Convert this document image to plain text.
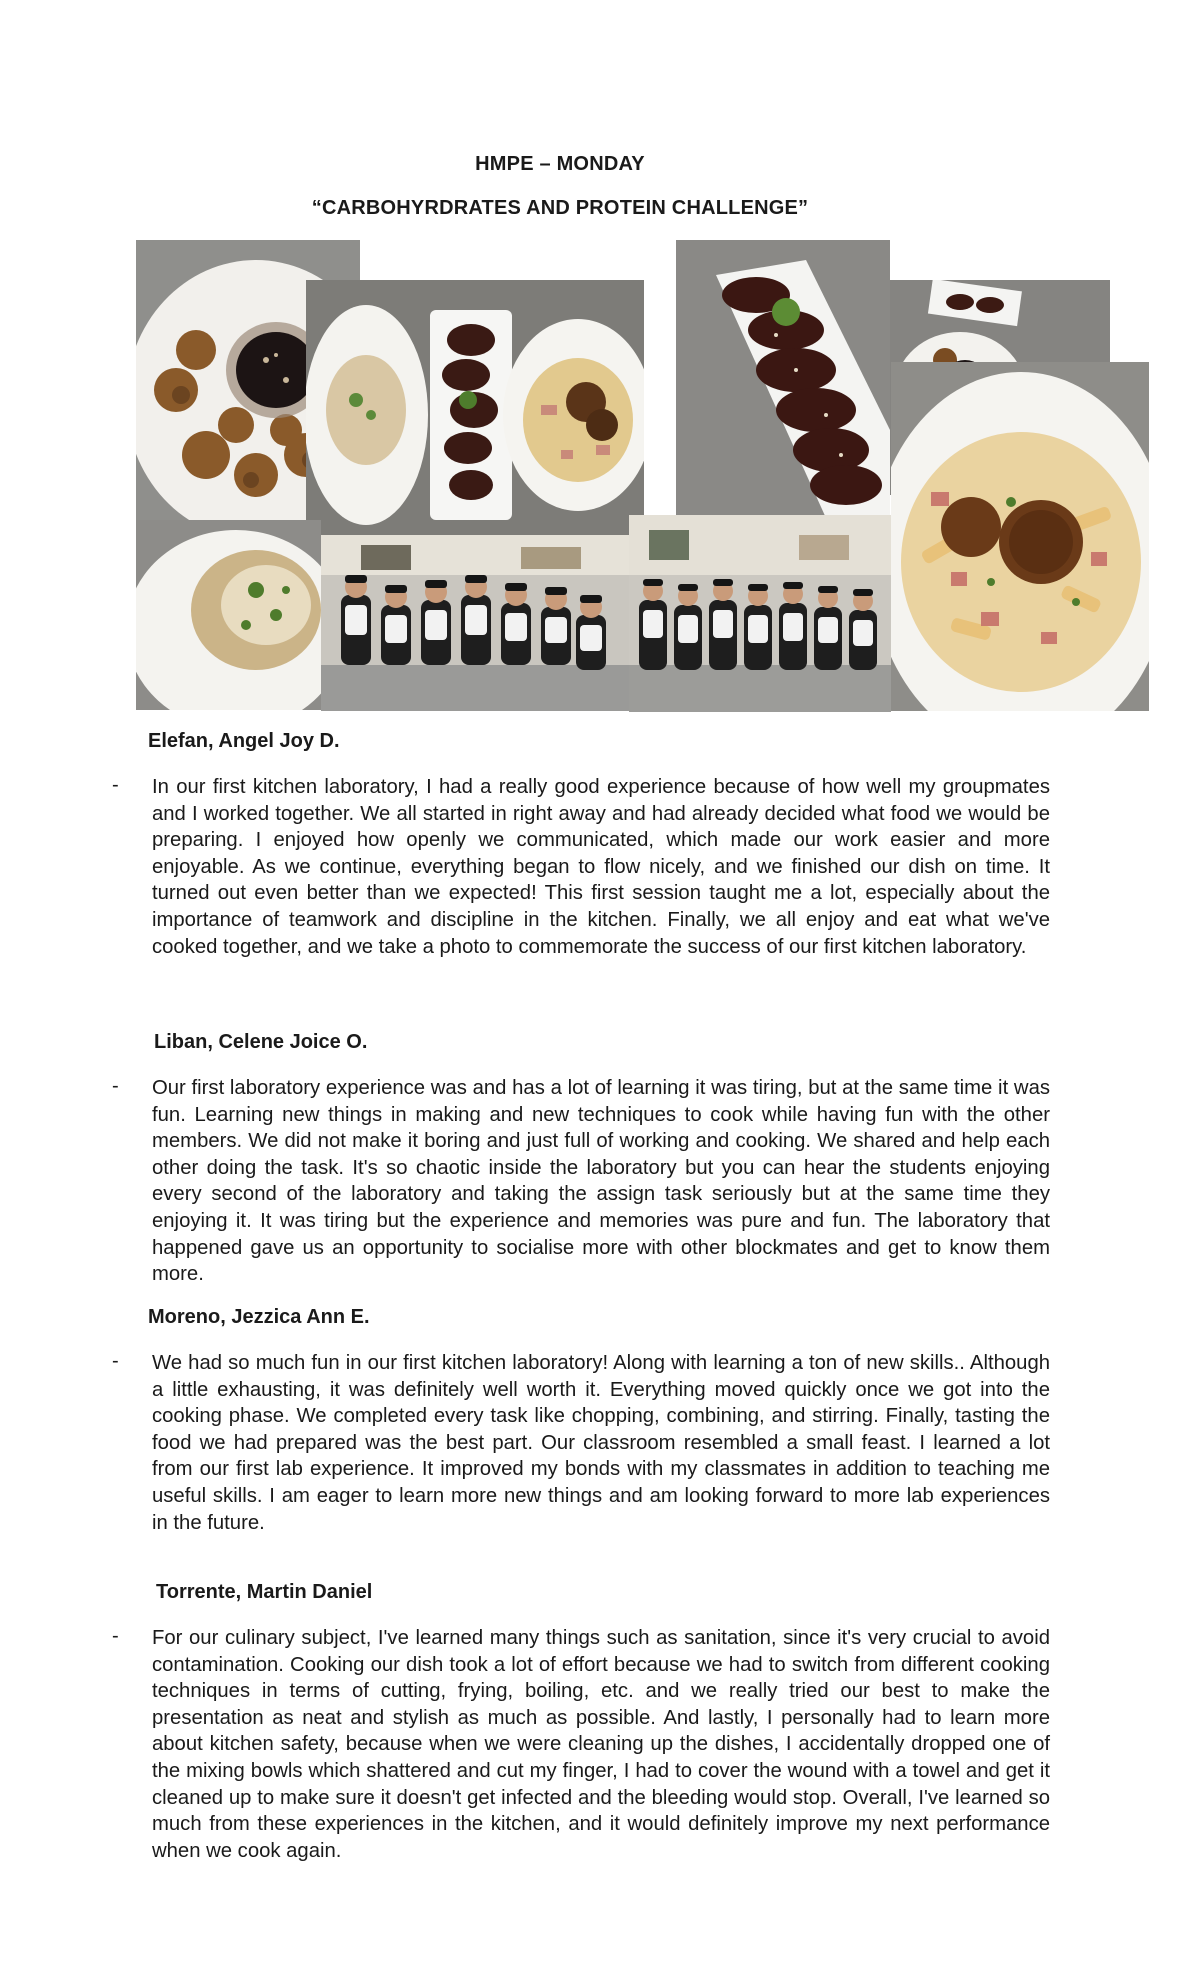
HMPE – MONDAY
“CARBOHYRDRATES AND PROTEIN CHALLENGE”
Elefan, Angel Joy D.
- In our first kitchen laboratory, I had a really good experience because of how well my groupmates and I worked together. We all started in right away and had already decided what food we would be preparing. I enjoyed how openly we communicated, which made our work easier and more enjoyable. As we continue, everything began to flow nicely, and we finished our dish on time. It turned out even better than we expected! This first session taught me a lot, especially about the importance of teamwork and discipline in the kitchen. Finally, we all enjoy and eat what we've cooked together, and we take a photo to commemorate the success of our first kitchen laboratory.

Liban, Celene Joice O.
- Our first laboratory experience was and has a lot of learning it was tiring, but at the same time it was fun. Learning new things in making and new techniques to cook while having fun with the other members. We did not make it boring and just full of working and cooking. We shared and help each other doing the task. It's so chaotic inside the laboratory but you can hear the students enjoying every second of the laboratory and taking the assign task seriously but at the same time they enjoying it. It was tiring but the experience and memories was pure and fun. The laboratory that happened gave us an opportunity to socialise more with other blockmates and get to know them more.

Moreno, Jezzica Ann E.
- We had so much fun in our first kitchen laboratory! Along with learning a ton of new skills.. Although a little exhausting, it was definitely well worth it. Everything moved quickly once we got into the cooking phase. We completed every task like chopping, combining, and stirring. Finally, tasting the food we had prepared was the best part. Our classroom resembled a small feast. I learned a lot from our first lab experience. It improved my bonds with my classmates in addition to teaching me useful skills. I am eager to learn more new things and am looking forward to more lab experiences in the future.

Torrente, Martin Daniel
- For our culinary subject, I've learned many things such as sanitation, since it's very crucial to avoid contamination. Cooking our dish took a lot of effort because we had to switch from different cooking techniques in terms of cutting, frying, boiling, etc. and we really tried our best to make the presentation as neat and stylish as much as possible. And lastly, I personally had to learn more about kitchen safety, because when we were cleaning up the dishes, I accidentally dropped one of the mixing bowls which shattered and cut my finger, I had to cover the wound with a towel and get it cleaned up to make sure it doesn't get infected and the bleeding would stop. Overall, I've learned so much from these experiences in the kitchen, and it would definitely improve my next performance when we cook again.
